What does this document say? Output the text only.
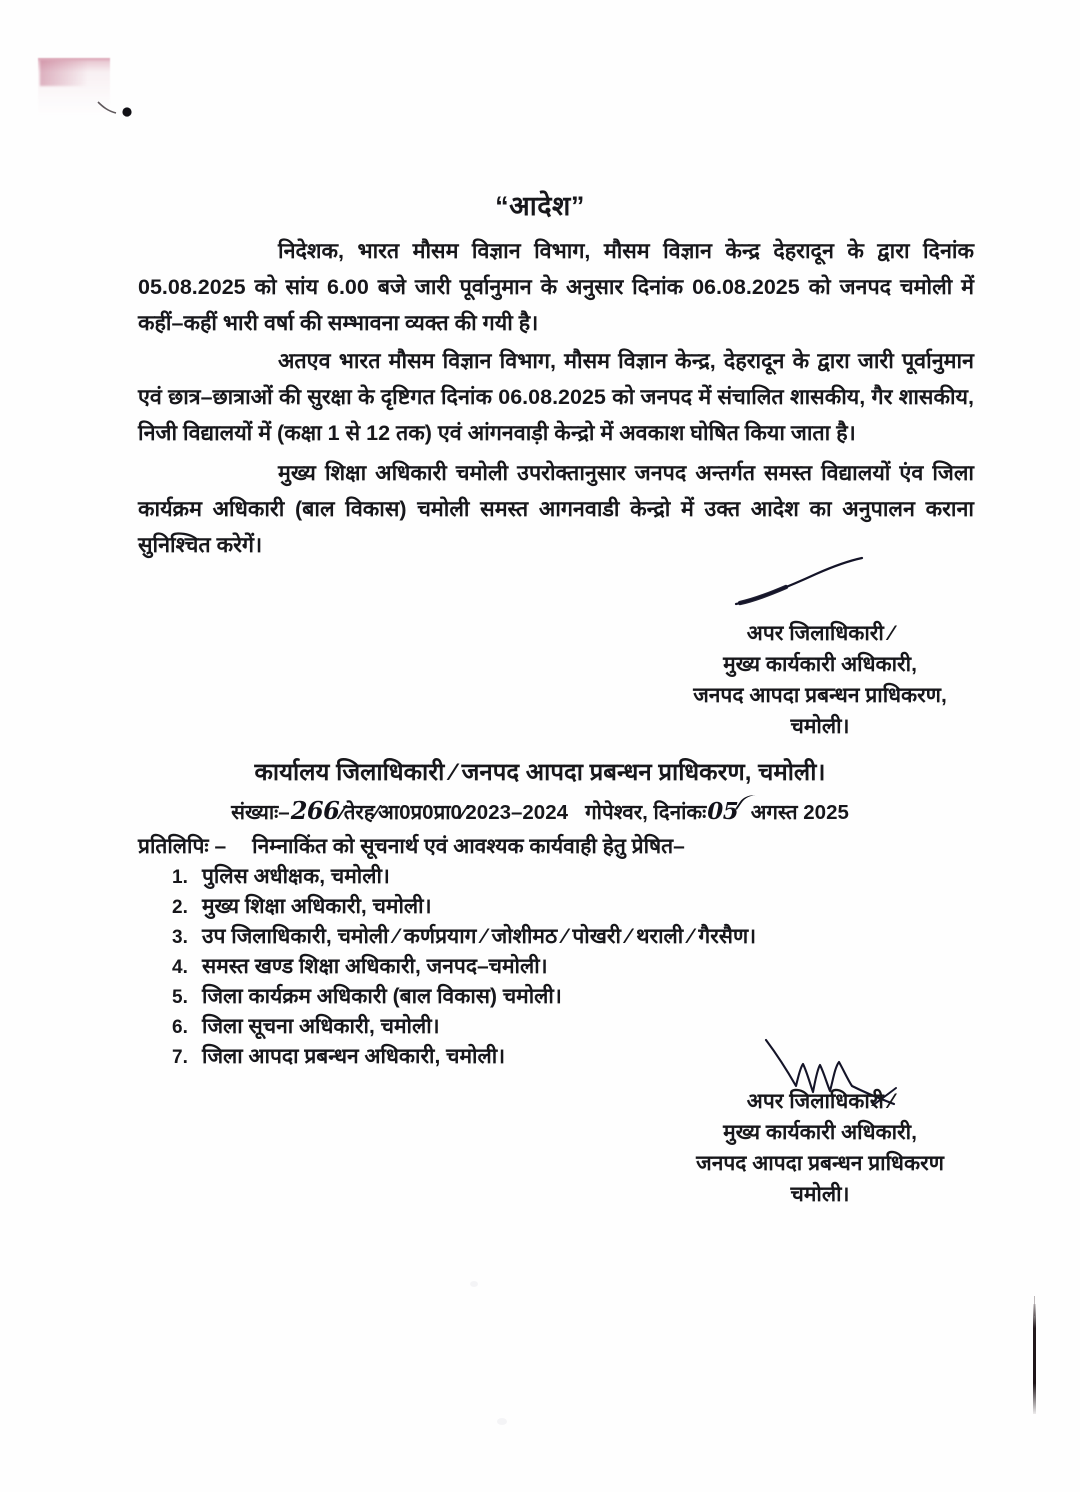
“आदेश”

निदेशक, भारत मौसम विज्ञान विभाग, मौसम विज्ञान केन्द्र देहरादून के द्वारा दिनांक 05.08.2025 को सांय 6.00 बजे जारी पूर्वानुमान के अनुसार दिनांक 06.08.2025 को जनपद चमोली में कहीं–कहीं भारी वर्षा की सम्भावना व्यक्त की गयी है।

अतएव भारत मौसम विज्ञान विभाग, मौसम विज्ञान केन्द्र, देहरादून के द्वारा जारी पूर्वानुमान एवं छात्र–छात्राओं की सुरक्षा के दृष्टिगत दिनांक 06.08.2025 को जनपद में संचालित शासकीय, गैर शासकीय, निजी विद्यालयों में (कक्षा 1 से 12 तक) एवं आंगनवाड़ी केन्द्रो में अवकाश घोषित किया जाता है।

मुख्य शिक्षा अधिकारी चमोली उपरोक्तानुसार जनपद अन्तर्गत समस्त विद्यालयों एंव जिला कार्यक्रम अधिकारी (बाल विकास) चमोली समस्त आगनवाडी केन्द्रो में उक्त आदेश का अनुपालन कराना सुनिश्चित करेगें।

अपर जिलाधिकारी ⁄
मुख्य कार्यकारी अधिकारी,
जनपद आपदा प्रबन्धन प्राधिकरण,
चमोली।
कार्यालय जिलाधिकारी ⁄ जनपद आपदा प्रबन्धन प्राधिकरण, चमोली।
संख्याः–266⁄तेरह⁄आ0प्र0प्रा0⁄2023–2024 गोपेश्वर, दिनांकः05 अगस्त 2025
प्रतिलिपिः – निम्नाकिंत को सूचनार्थ एवं आवश्यक कार्यवाही हेतु प्रेषित–
1. पुलिस अधीक्षक, चमोली।
2. मुख्य शिक्षा अधिकारी, चमोली।
3. उप जिलाधिकारी, चमोली ⁄ कर्णप्रयाग ⁄ जोशीमठ ⁄ पोखरी ⁄ थराली ⁄ गैरसैण।
4. समस्त खण्ड शिक्षा अधिकारी, जनपद–चमोली।
5. जिला कार्यक्रम अधिकारी (बाल विकास) चमोली।
6. जिला सूचना अधिकारी, चमोली।
7. जिला आपदा प्रबन्धन अधिकारी, चमोली।
अपर जिलाधिकारी ⁄
मुख्य कार्यकारी अधिकारी,
जनपद आपदा प्रबन्धन प्राधिकरण
चमोली।
